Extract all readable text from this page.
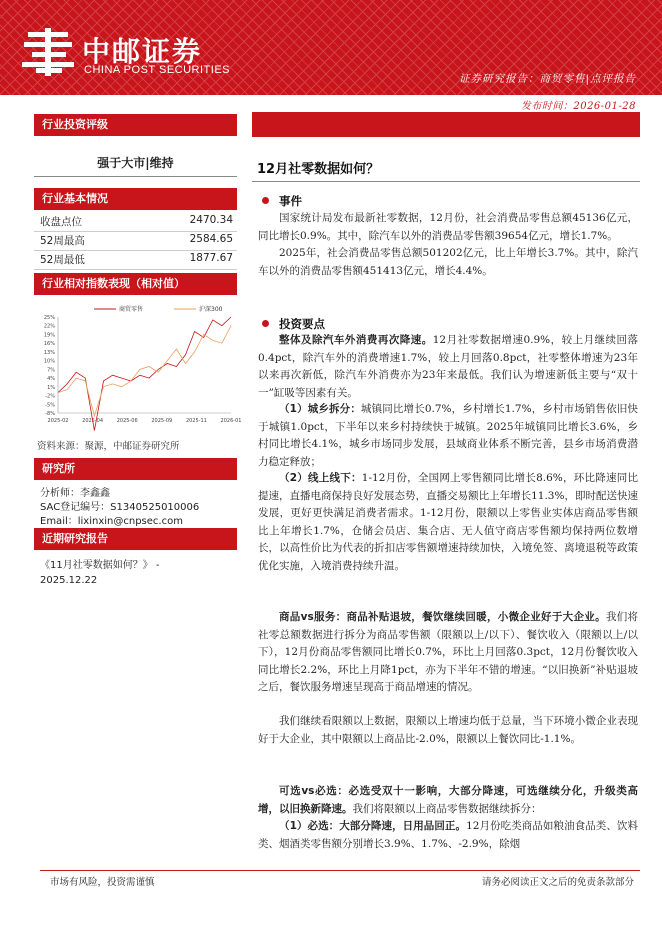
中邮证券
CHINA POST SECURITIES
证券研究报告：商贸零售|点评报告
发布时间：2026-01-28
行业投资评级
强于大市|维持
行业基本情况
收盘点位	2470.34
52周最高	2584.65
52周最低	1877.67
行业相对指数表现（相对值）
商贸零售	沪深300
25%
22%
19%
16%
13%
10%
7%
4%
1%
-2%
-5%
-8%
2025-02	2025-04	2025-06	2025-09	2025-11	2026-01
资料来源：聚源，中邮证券研究所
研究所
分析师：李鑫鑫
SAC登记编号：S1340525010006
Email：lixinxin@cnpsec.com
近期研究报告
《11月社零数据如何？》 -
2025.12.22
12月社零数据如何？
事件
国家统计局发布最新社零数据，12月份，社会消费品零售总额45136亿元，同比增长0.9%。其中，除汽车以外的消费品零售额39654亿元，增长1.7%。
2025年，社会消费品零售总额501202亿元，比上年增长3.7%。其中，除汽车以外的消费品零售额451413亿元，增长4.4%。
投资要点
整体及除汽车外消费再次降速。12月社零数据增速0.9%，较上月继续回落0.4pct，除汽车外的消费增速1.7%，较上月回落0.8pct，社零整体增速为23年以来再次新低，除汽车外消费亦为23年来最低。我们认为增速新低主要与“双十一”缸吸等因素有关。
（1）城乡拆分：城镇同比增长0.7%，乡村增长1.7%，乡村市场销售依旧快于城镇1.0pct，下半年以来乡村持续快于城镇。2025年城镇同比增长3.6%，乡村同比增长4.1%，城乡市场同步发展，县域商业体系不断完善，县乡市场消费潜力稳定释放；
（2）线上线下：1-12月份，全国网上零售额同比增长8.6%，环比降速同比提速，直播电商保持良好发展态势，直播交易额比上年增长11.3%，即时配送快速发展，更好更快满足消费者需求。1-12月份，限额以上零售业实体店商品零售额比上年增长1.7%，仓储会员店、集合店、无人值守商店零售额均保持两位数增长，以高性价比为代表的折扣店零售额增速持续加快，入境免签、离境退税等政策优化实施，入境消费持续升温。
商品vs服务：商品补贴退坡，餐饮继续回暖，小微企业好于大企业。我们将社零总额数据进行拆分为商品零售额（限额以上/以下）、餐饮收入（限额以上/以下），12月份商品零售额同比增长0.7%，环比上月回落0.3pct，12月份餐饮收入同比增长2.2%，环比上月降1pct，亦为下半年不错的增速。“以旧换新”补贴退坡之后，餐饮服务增速呈现高于商品增速的情况。
我们继续看限额以上数据，限额以上增速均低于总量，当下环境小微企业表现好于大企业，其中限额以上商品比-2.0%，限额以上餐饮同比-1.1%。
可选vs必选：必选受双十一影响，大部分降速，可选继续分化，升级类高增，以旧换新降速。我们将限额以上商品零售数据继续拆分：
（1）必选：大部分降速，日用品回正。12月份吃类商品如粮油食品类、饮料类、烟酒类零售额分别增长3.9%、1.7%、-2.9%，除烟
市场有风险，投资需谨慎	请务必阅读正文之后的免责条款部分
